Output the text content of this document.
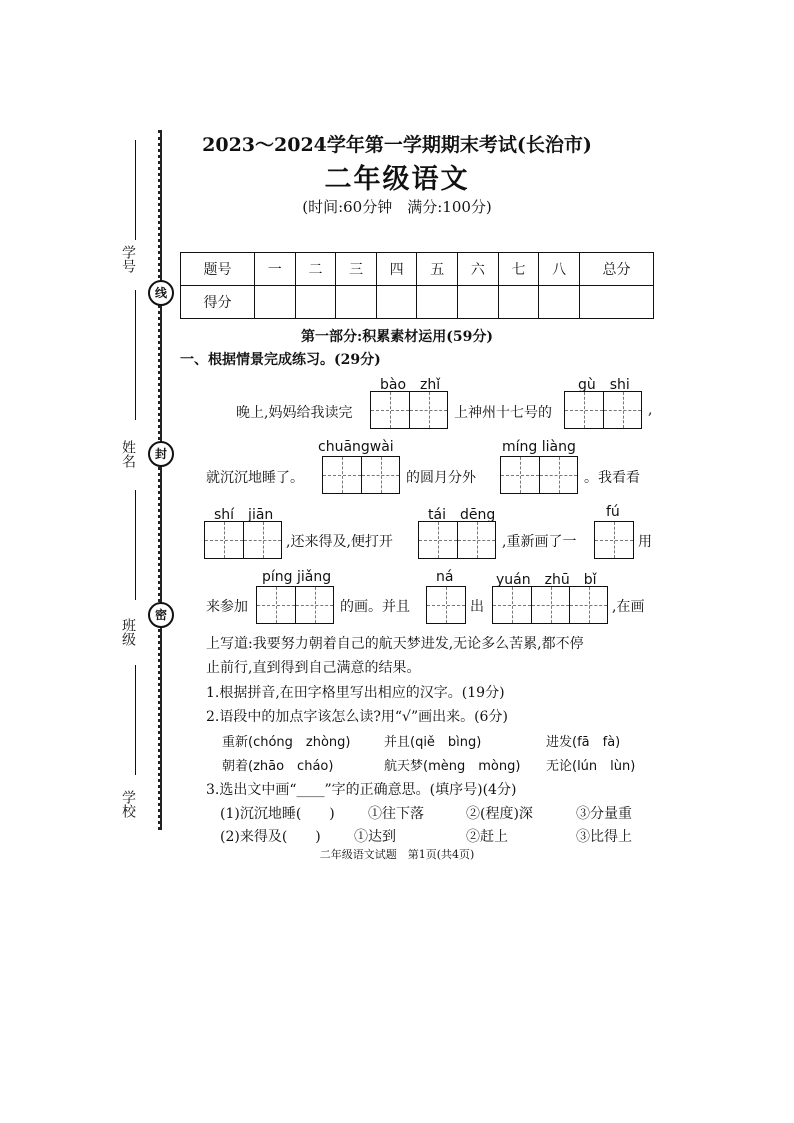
学号
姓名
班级
学校
线
封
密
2023～2024学年第一学期期末考试(长治市)
二年级语文
(时间:60分钟　满分:100分)
题号	一	二	三	四	五	六	七	八	总分
得分									
第一部分:积累素材运用(59分)
一、根据情景完成练习。(29分)
bào　zhǐ	gù　shi
晚上,妈妈给我读完	上神州十七号的	,
chuāngwài	míng liàng
就沉沉地睡了。	的圆月分外	。我看看
shí　jiān	tái　dēng	fú
,还来得及,便打开	,重新画了一	用
píng jiǎng	ná	yuán　zhū　bǐ
来参加	的画。并且	出	,在画
上写道:我要努力朝着自己的航天梦进发,无论多么苦累,都不停
止前行,直到得到自己满意的结果。
1.根据拼音,在田字格里写出相应的汉字。(19分)
2.语段中的加点字该怎么读?用“√”画出来。(6分)
重新(chóng　zhòng)	并且(qiě　bìng)	进发(fā　fà)
朝着(zhāo　cháo)	航天梦(mèng　mòng) 无论(lún　lùn)
3.选出文中画“____”字的正确意思。(填序号)(4分)
(1)沉沉地睡(　　) ①往下落	②(程度)深	③分量重
(2)来得及(　　) ①达到	②赶上	③比得上
二年级语文试题　第1页(共4页)
